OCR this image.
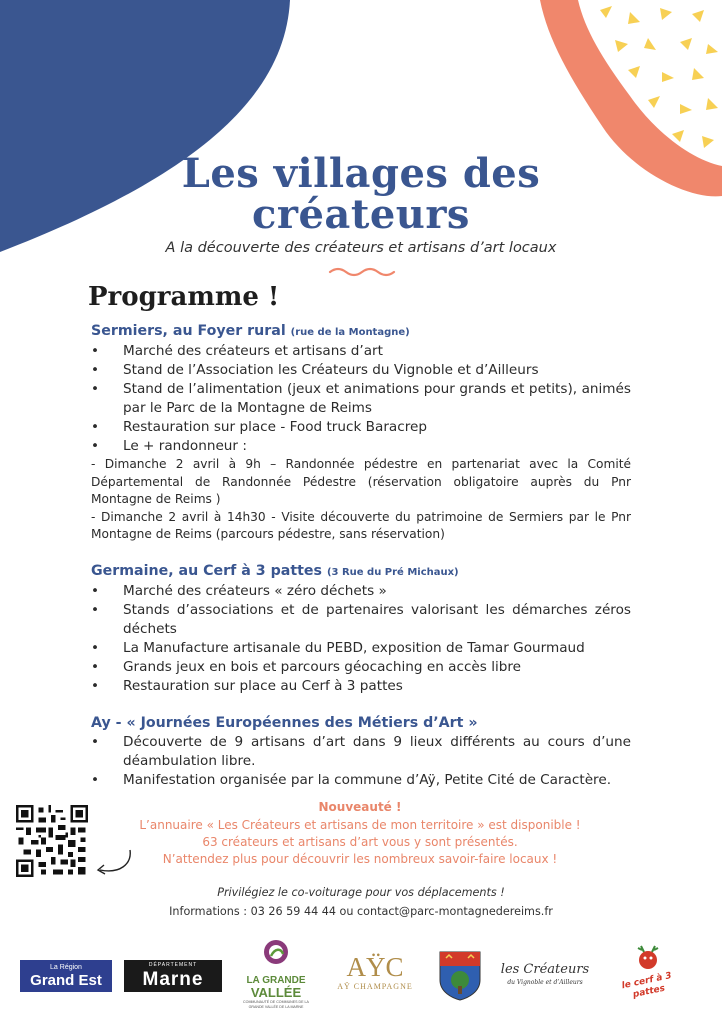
Les villages des
créateurs
A la découverte des créateurs et artisans d’art locaux
Programme !

Sermiers, au Foyer rural (rue de la Montagne)

• Marché des créateurs et artisans d’art
• Stand de l’Association les Créateurs du Vignoble et d’Ailleurs
• Stand de l’alimentation (jeux et animations pour grands et petits), animés par le Parc de la Montagne de Reims
• Restauration sur place - Food truck Baracrep
• Le + randonneur :
- Dimanche 2 avril à 9h – Randonnée pédestre en partenariat avec la Comité Départemental de Randonnée Pédestre (réservation obligatoire auprès du Pnr Montagne de Reims )
- Dimanche 2 avril à 14h30 - Visite découverte du patrimoine de Sermiers par le Pnr Montagne de Reims (parcours pédestre, sans réservation)

Germaine, au Cerf à 3 pattes (3 Rue du Pré Michaux)

• Marché des créateurs « zéro déchets »
• Stands d’associations et de partenaires valorisant les démarches zéros déchets
• La Manufacture artisanale du PEBD, exposition de Tamar Gourmaud
• Grands jeux en bois et parcours géocaching en accès libre
• Restauration sur place au Cerf à 3 pattes

Ay - « Journées Européennes des Métiers d’Art »

• Découverte de 9 artisans d’art dans 9 lieux différents au cours d’une déambulation libre.
• Manifestation organisée par la commune d’Aÿ, Petite Cité de Caractère.
Nouveauté !
L’annuaire « Les Créateurs et artisans de mon territoire » est disponible !
63 créateurs et artisans d’art vous y sont présentés.
N’attendez plus pour découvrir les nombreux savoir-faire locaux !
Privilégiez le co-voiturage pour vos déplacements !
Informations : 03 26 59 44 44 ou contact@parc-montagnedereims.fr
La Région
Grand Est
DÉPARTEMENT
Marne	LA GRANDE
VALLÉE
COMMUNAUTÉ DE COMMUNES DE LA GRANDE VALLÉE DE LA MARNE
AŸC
AŸ CHAMPAGNE
les Créateurs
du Vignoble et d’Ailleurs	le cerf à 3 pattes
